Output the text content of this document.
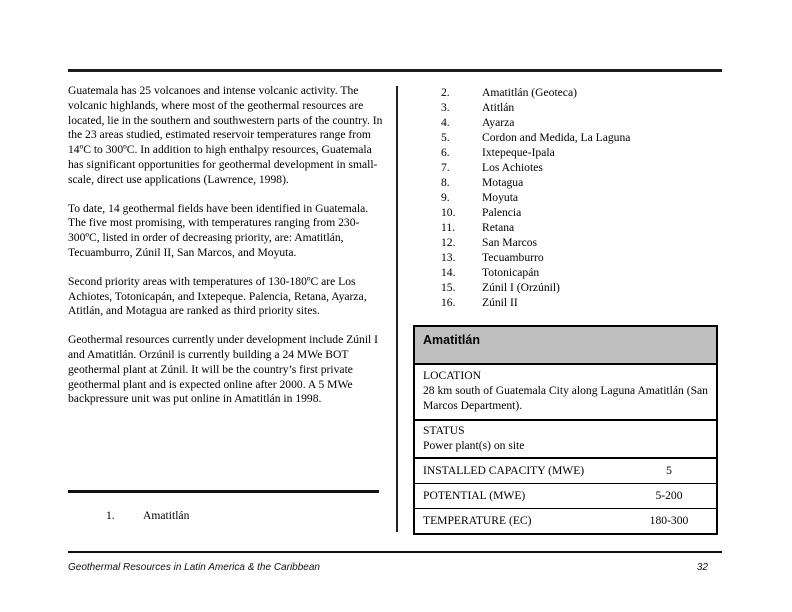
Guatemala has 25 volcanoes and intense volcanic activity. The volcanic highlands, where most of the geothermal resources are located, lie in the southern and southwestern parts of the country. In the 23 areas studied, estimated reservoir temperatures range from 14ºC to 300ºC. In addition to high enthalpy resources, Guatemala has significant opportunities for geothermal development in small-scale, direct use applications (Lawrence, 1998).

To date, 14 geothermal fields have been identified in Guatemala. The five most promising, with temperatures ranging from 230-300ºC, listed in order of decreasing priority, are: Amatitlán, Tecuamburro, Zúnil II, San Marcos, and Moyuta.

Second priority areas with temperatures of 130-180ºC are Los Achiotes, Totonicapán, and Ixtepeque. Palencia, Retana, Ayarza, Atitlán, and Motagua are ranked as third priority sites.

Geothermal resources currently under development include Zúnil I and Amatitlán. Orzúnil is currently building a 24 MWe BOT geothermal plant at Zúnil. It will be the country’s first private geothermal plant and is expected online after 2000. A 5 MWe backpressure unit was put online in Amatitlán in 1998.

1. Amatitlán
2.	Amatitlán (Geoteca)
3.	Atitlán
4.	Ayarza
5.	Cordon and Medida, La Laguna
6.	Ixtepeque-Ipala
7.	Los Achiotes
8.	Motagua
9.	Moyuta
10. Palencia
11. Retana
12. San Marcos
13. Tecuamburro
14. Totonicapán
15. Zúnil I (Orzúnil)
16. Zúnil II
Amatitlán
LOCATION
28 km south of Guatemala City along Laguna Amatitlán (San Marcos Department).
STATUS
Power plant(s) on site
INSTALLED CAPACITY (MWE)	5
POTENTIAL (MWE)	5-200
TEMPERATURE (EC)	180-300
Geothermal Resources in Latin America & the Caribbean	32
